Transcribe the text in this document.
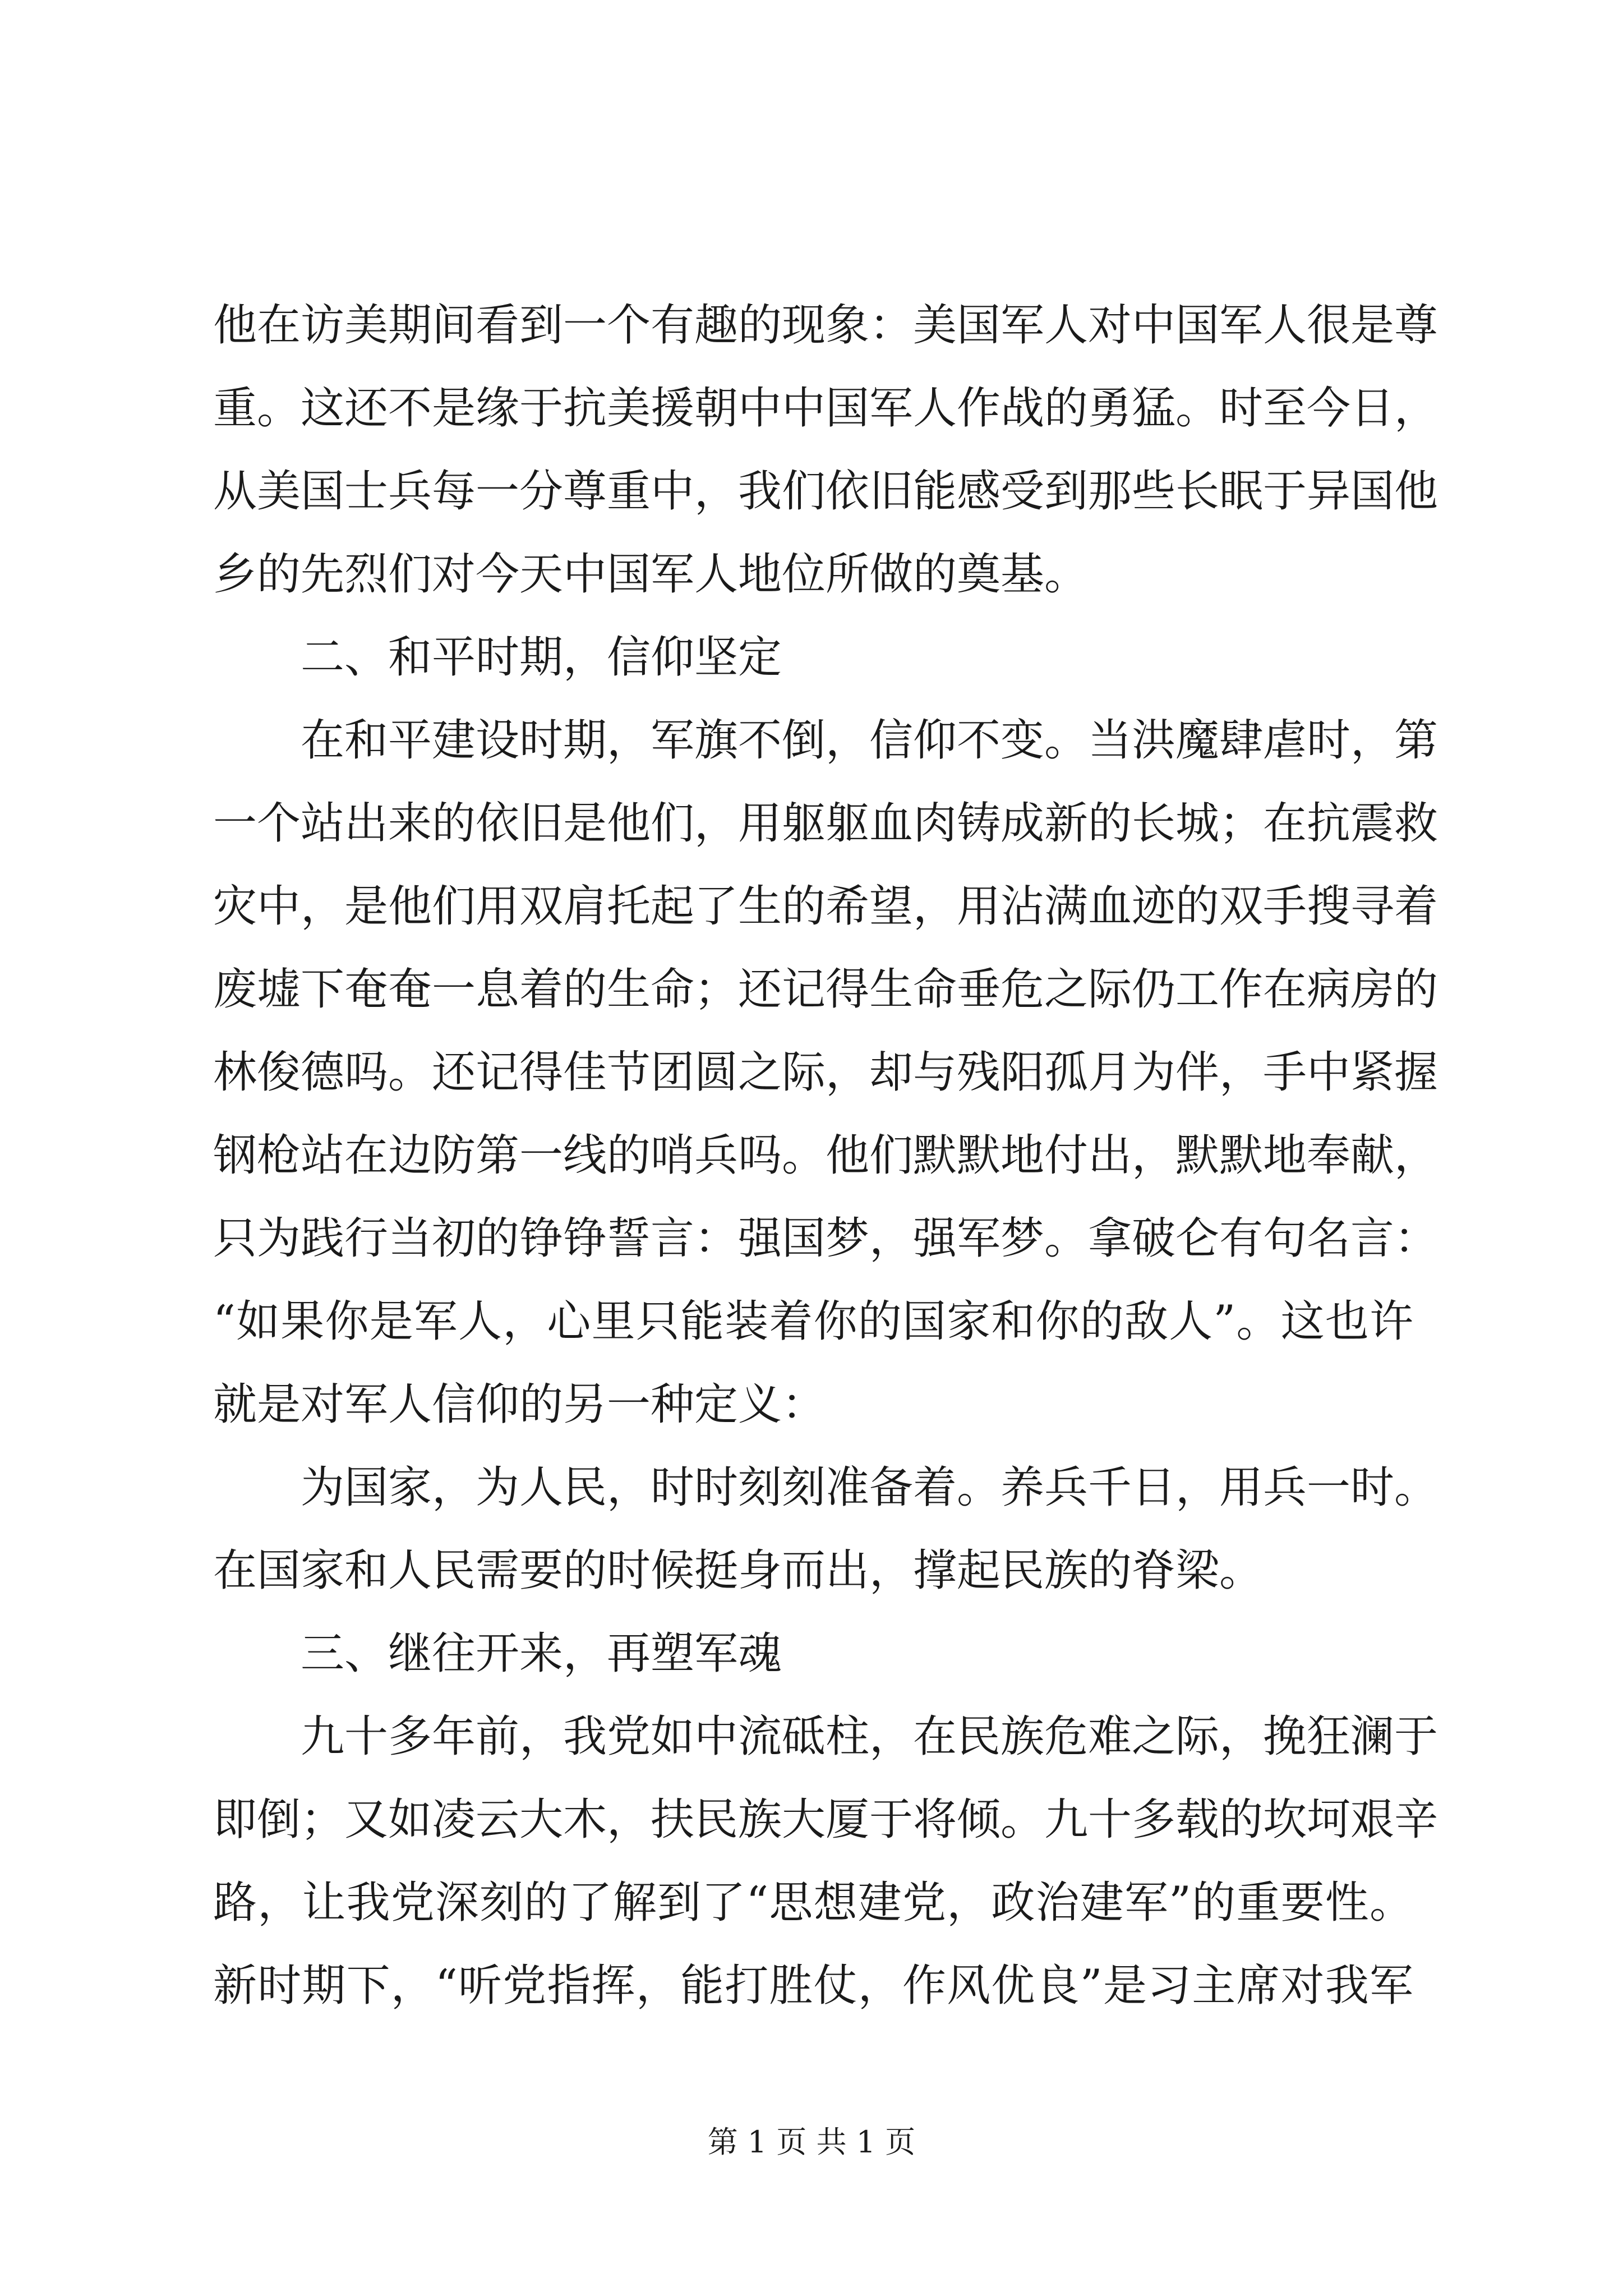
他在访美期间看到一个有趣的现象：美国军人对中国军人很是尊
重。这还不是缘于抗美援朝中中国军人作战的勇猛。时至今日，
从美国士兵每一分尊重中，我们依旧能感受到那些长眠于异国他
乡的先烈们对今天中国军人地位所做的奠基。
二、和平时期，信仰坚定
在和平建设时期，军旗不倒，信仰不变。当洪魔肆虐时，第
一个站出来的依旧是他们，用躯躯血肉铸成新的长城；在抗震救
灾中，是他们用双肩托起了生的希望，用沾满血迹的双手搜寻着
废墟下奄奄一息着的生命；还记得生命垂危之际仍工作在病房的
林俊德吗。还记得佳节团圆之际，却与残阳孤月为伴，手中紧握
钢枪站在边防第一线的哨兵吗。他们默默地付出，默默地奉献，
只为践行当初的铮铮誓言：强国梦，强军梦。拿破仑有句名言：
“如果你是军人，心里只能装着你的国家和你的敌人”。这也许
就是对军人信仰的另一种定义：
为国家，为人民，时时刻刻准备着。养兵千日，用兵一时。
在国家和人民需要的时候挺身而出，撑起民族的脊梁。
三、继往开来，再塑军魂
九十多年前，我党如中流砥柱，在民族危难之际，挽狂澜于
即倒；又如凌云大木，扶民族大厦于将倾。九十多载的坎坷艰辛
路，让我党深刻的了解到了“思想建党，政治建军”的重要性。
新时期下，“听党指挥，能打胜仗，作风优良”是习主席对我军
第 1 页 共 1 页
